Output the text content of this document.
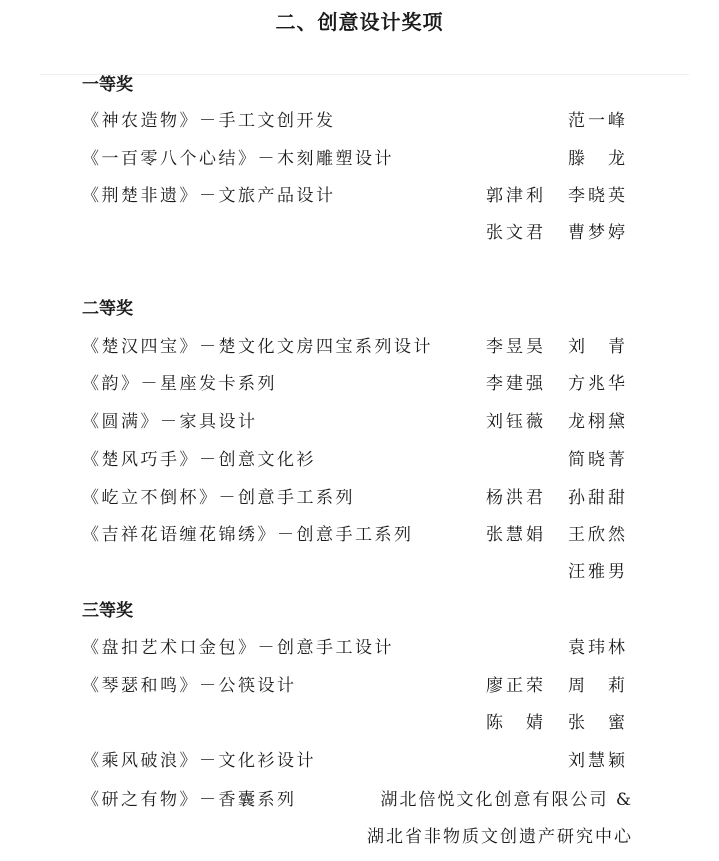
二、创意设计奖项
一等奖
《神农造物》－手工文创开发	范一峰
《一百零八个心结》－木刻雕塑设计	滕　龙
《荆楚非遗》－文旅产品设计	郭津利 李晓英
张文君 曹梦婷
二等奖
《楚汉四宝》－楚文化文房四宝系列设计	李昱昊 刘　青
《韵》－星座发卡系列	李建强 方兆华
《圆满》－家具设计	刘钰薇 龙栩黛
《楚风巧手》－创意文化衫	简晓菁
《屹立不倒杯》－创意手工系列	杨洪君 孙甜甜
《吉祥花语缠花锦绣》－创意手工系列	张慧娟 王欣然
汪雅男
三等奖
《盘扣艺术口金包》－创意手工设计	袁玮林
《琴瑟和鸣》－公筷设计	廖正荣 周　莉
陈　婧 张　蜜
《乘风破浪》－文化衫设计	刘慧颖
《研之有物》－香囊系列	湖北倍悦文化创意有限公司 &
湖北省非物质文创遗产研究中心
